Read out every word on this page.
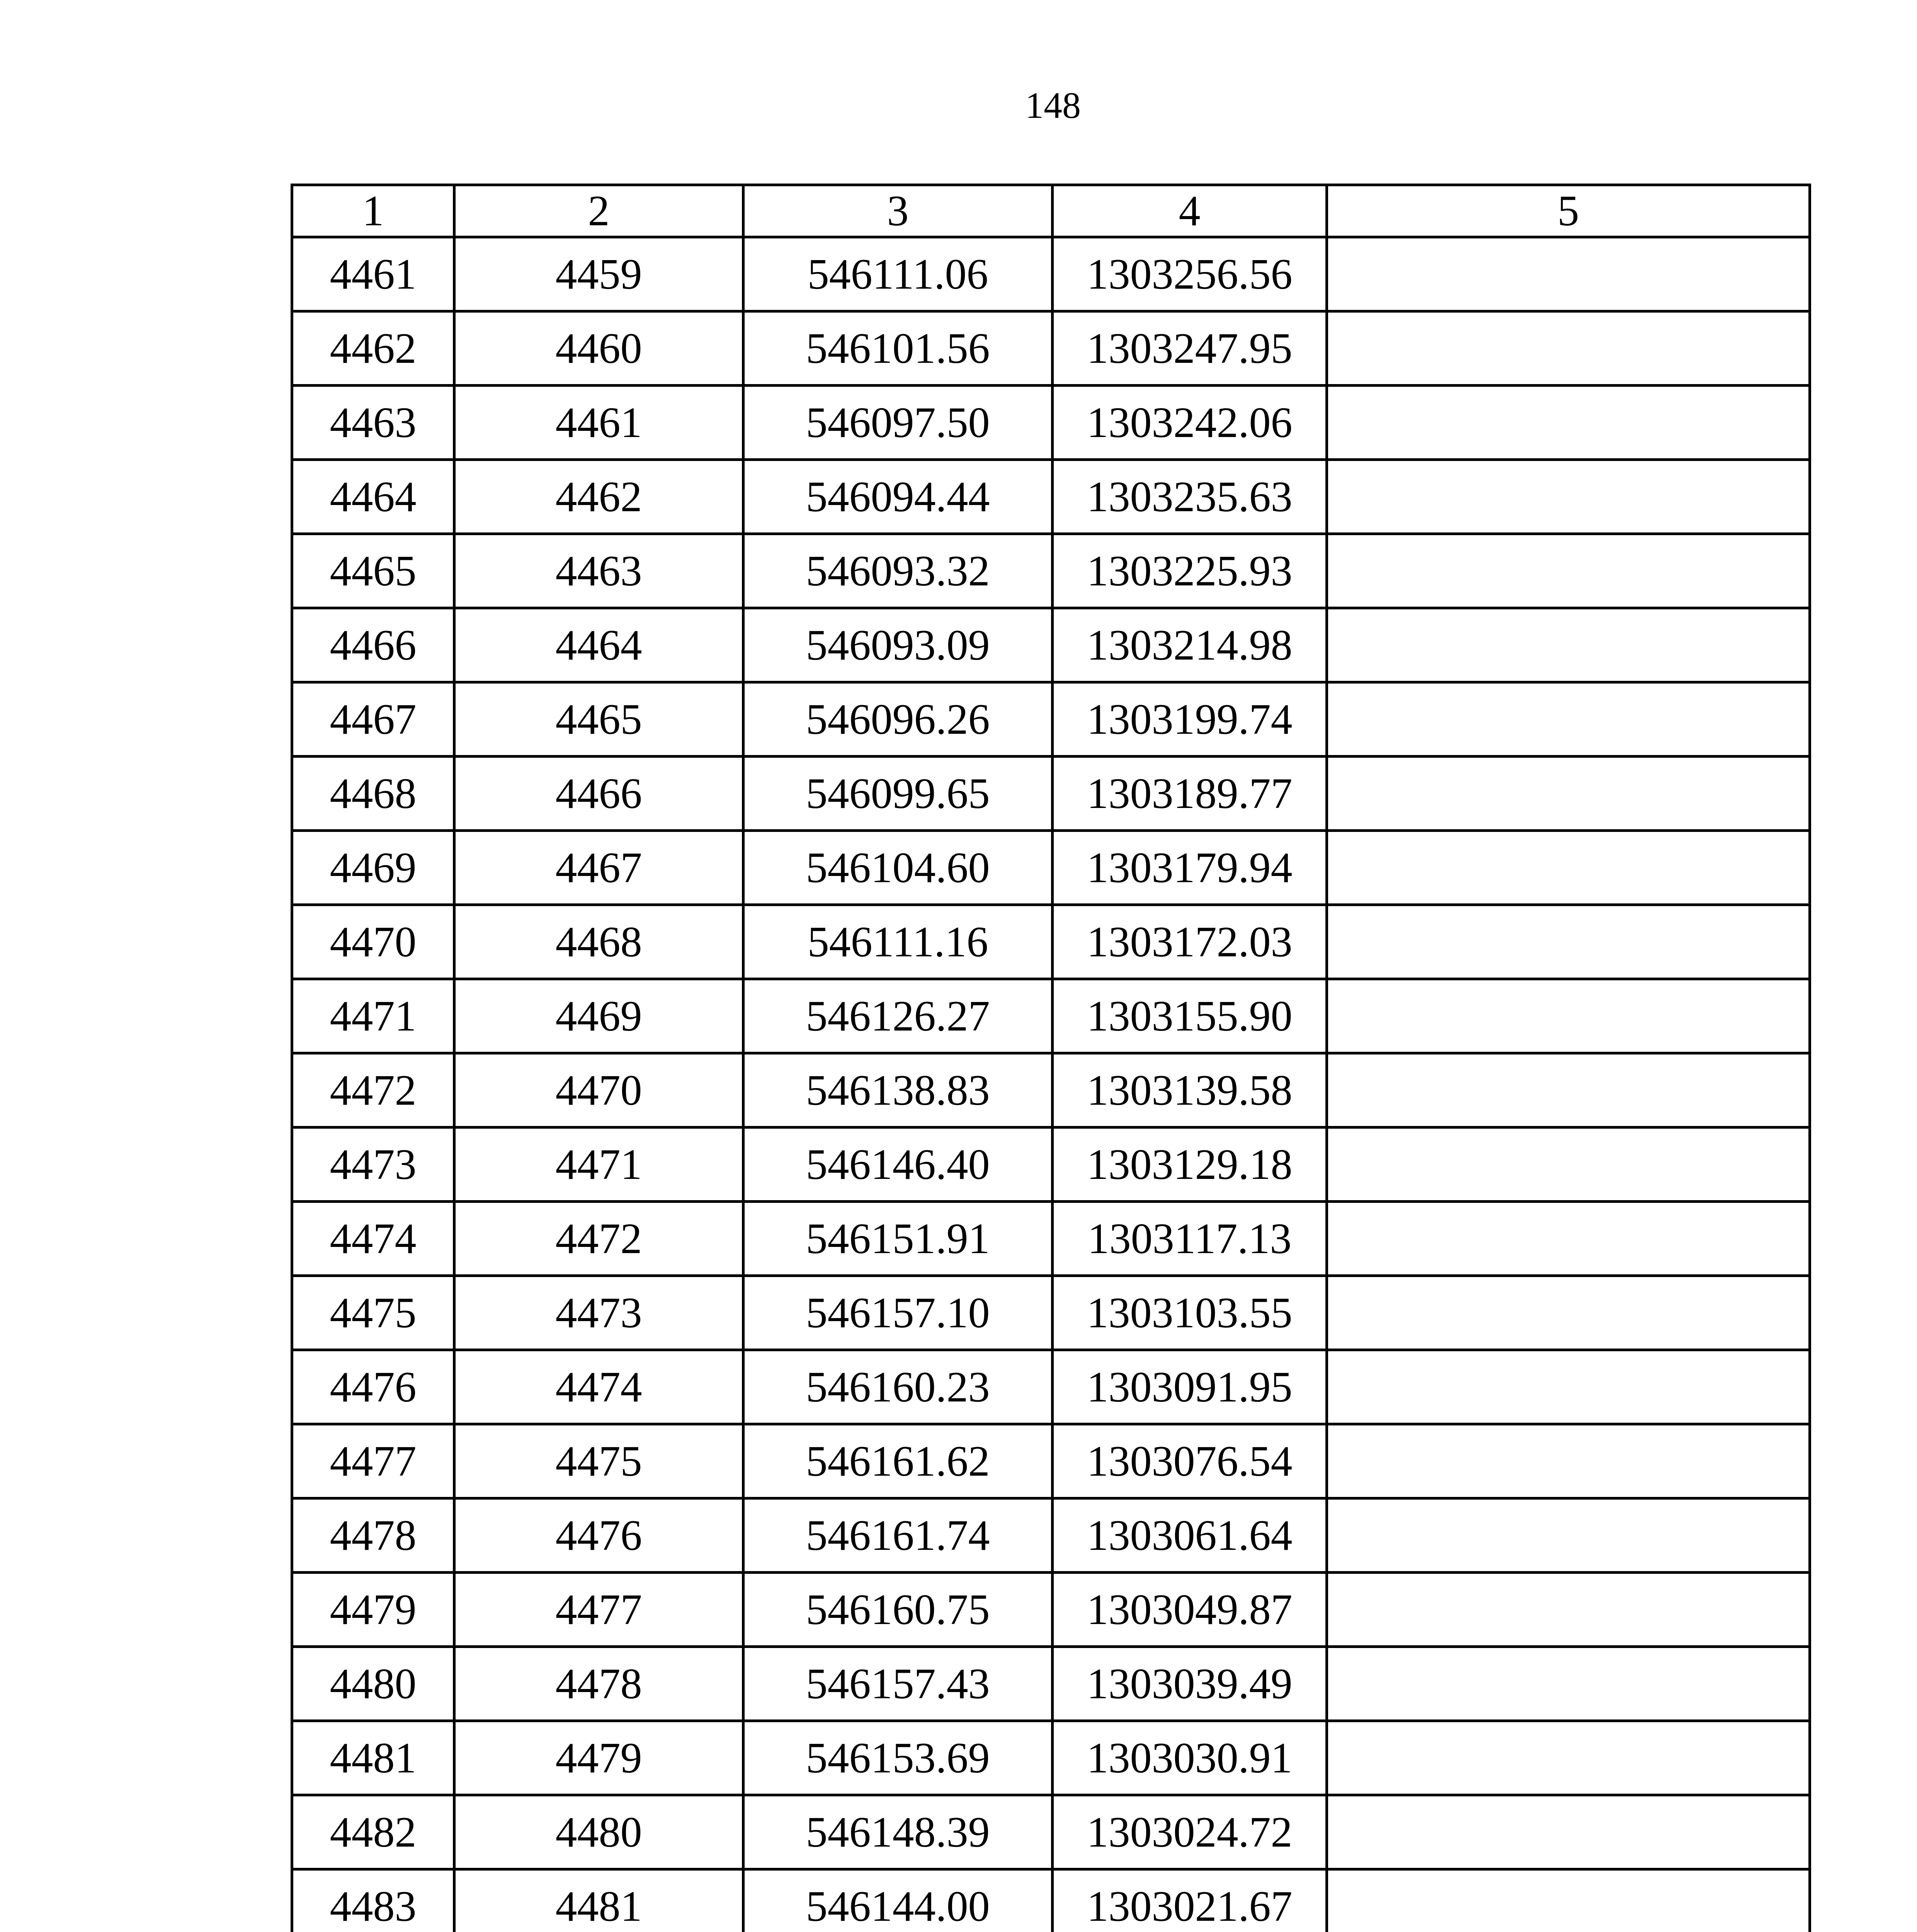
148
1	2	3	4	5
4461	4459	546111.06	1303256.56	
4462	4460	546101.56	1303247.95	
4463	4461	546097.50	1303242.06	
4464	4462	546094.44	1303235.63	
4465	4463	546093.32	1303225.93	
4466	4464	546093.09	1303214.98	
4467	4465	546096.26	1303199.74	
4468	4466	546099.65	1303189.77	
4469	4467	546104.60	1303179.94	
4470	4468	546111.16	1303172.03	
4471	4469	546126.27	1303155.90	
4472	4470	546138.83	1303139.58	
4473	4471	546146.40	1303129.18	
4474	4472	546151.91	1303117.13	
4475	4473	546157.10	1303103.55	
4476	4474	546160.23	1303091.95	
4477	4475	546161.62	1303076.54	
4478	4476	546161.74	1303061.64	
4479	4477	546160.75	1303049.87	
4480	4478	546157.43	1303039.49	
4481	4479	546153.69	1303030.91	
4482	4480	546148.39	1303024.72	
4483	4481	546144.00	1303021.67	
